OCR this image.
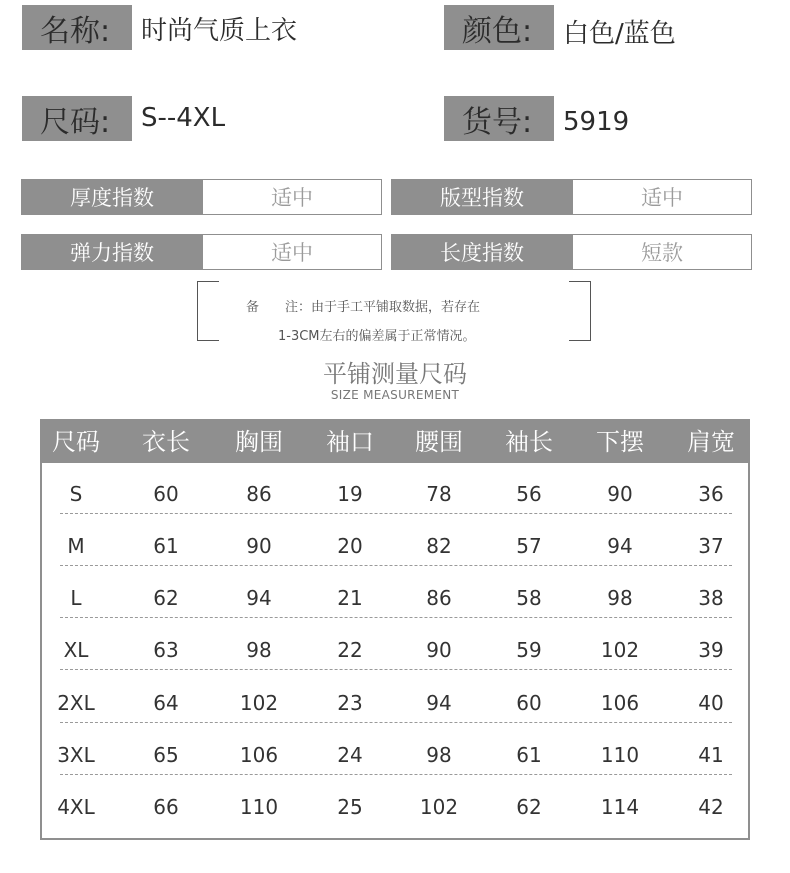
名称:	时尚气质上衣	颜色:	白色/蓝色
尺码:	S--4XL	货号:	5919
厚度指数	适中	版型指数	适中
弹力指数	适中	长度指数	短款
备　　注：由于手工平铺取数据，若存在
1-3CM左右的偏差属于正常情况。
平铺测量尺码
SIZE MEASUREMENT
尺码	衣长	胸围	袖口	腰围	袖长	下摆	肩宽
S	60	86	19	78	56	90	36
M	61	90	20	82	57	94	37
L	62	94	21	86	58	98	38
XL	63	98	22	90	59	102	39
2XL	64	102	23	94	60	106	40
3XL	65	106	24	98	61	110	41
4XL	66	110	25	102	62	114	42
